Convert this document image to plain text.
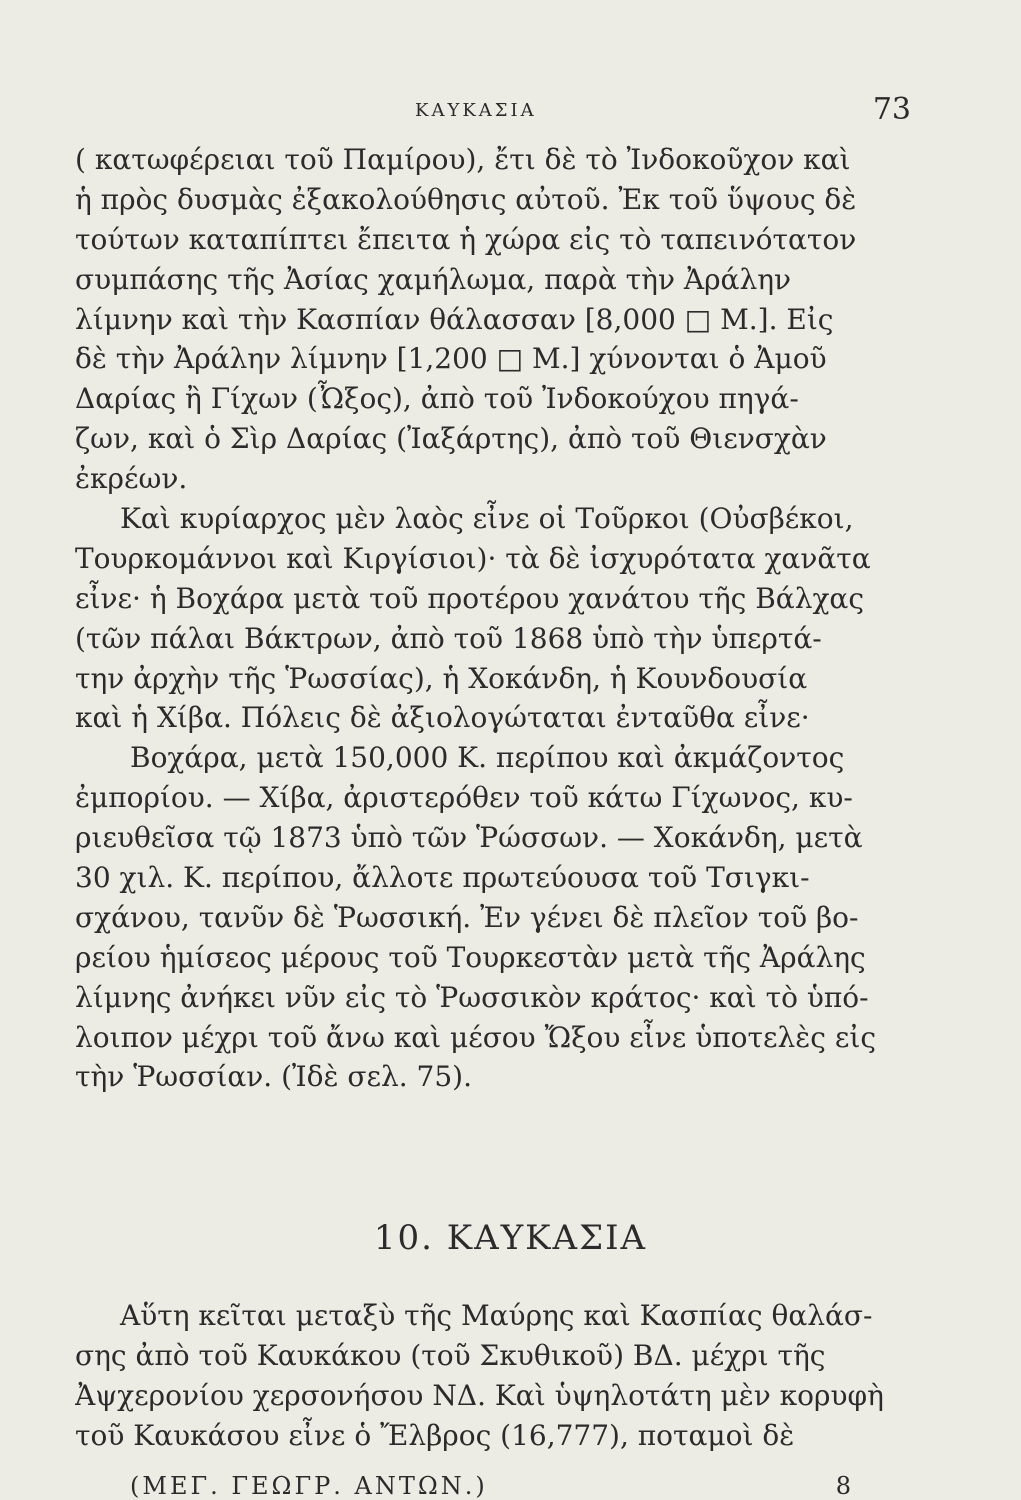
ΚΑΥΚΑΣΙΑ	73
( κατωφέρειαι τοῦ Παμίρου), ἔτι δὲ τὸ Ἰνδοκοῦχον καὶ
ἡ πρὸς δυσμὰς ἐξακολούθησις αὐτοῦ. Ἐκ τοῦ ὕψους δὲ
τούτων καταπίπτει ἔπειτα ἡ χώρα εἰς τὸ ταπεινότατον
συμπάσης τῆς Ἀσίας χαμήλωμα, παρὰ τὴν Ἀράλην
λίμνην καὶ τὴν Κασπίαν θάλασσαν [8,000 □ Μ.]. Εἰς
δὲ τὴν Ἀράλην λίμνην [1,200 □ Μ.] χύνονται ὁ Ἀμοῦ
Δαρίας ἢ Γίχων (Ὦξος), ἀπὸ τοῦ Ἰνδοκούχου πηγά-
ζων, καὶ ὁ Σὶρ Δαρίας (Ἰαξάρτης), ἀπὸ τοῦ Θιενσχὰν
ἐκρέων.
Καὶ κυρίαρχος μὲν λαὸς εἶνε οἱ Τοῦρκοι (Οὐσβέκοι,
Τουρκομάννοι καὶ Κιργίσιοι)· τὰ δὲ ἰσχυρότατα χανᾶτα
εἶνε· ἡ Βοχάρα μετὰ τοῦ προτέρου χανάτου τῆς Βάλχας
(τῶν πάλαι Βάκτρων, ἀπὸ τοῦ 1868 ὑπὸ τὴν ὑπερτά-
την ἀρχὴν τῆς Ῥωσσίας), ἡ Χοκάνδη, ἡ Κουνδουσία
καὶ ἡ Χίβα. Πόλεις δὲ ἀξιολογώταται ἐνταῦθα εἶνε·
Βοχάρα, μετὰ 150,000 Κ. περίπου καὶ ἀκμάζοντος
ἐμπορίου. — Χίβα, ἀριστερόθεν τοῦ κάτω Γίχωνος, κυ-
ριευθεῖσα τῷ 1873 ὑπὸ τῶν Ῥώσσων. — Χοκάνδη, μετὰ
30 χιλ. Κ. περίπου, ἄλλοτε πρωτεύουσα τοῦ Τσιγκι-
σχάνου, τανῦν δὲ Ῥωσσική. Ἐν γένει δὲ πλεῖον τοῦ βο-
ρείου ἡμίσεος μέρους τοῦ Τουρκεστὰν μετὰ τῆς Ἀράλης
λίμνης ἀνήκει νῦν εἰς τὸ Ῥωσσικὸν κράτος· καὶ τὸ ὑπό-
λοιπον μέχρι τοῦ ἄνω καὶ μέσου Ὤξου εἶνε ὑποτελὲς εἰς
τὴν Ῥωσσίαν. (Ἰδὲ σελ. 75).
10. ΚΑΥΚΑΣΙΑ
Αὕτη κεῖται μεταξὺ τῆς Μαύρης καὶ Κασπίας θαλάσ-
σης ἀπὸ τοῦ Καυκάκου (τοῦ Σκυθικοῦ) ΒΔ. μέχρι τῆς
Ἀψχερονίου χερσονήσου ΝΔ. Καὶ ὑψηλοτάτη μὲν κορυφὴ
τοῦ Καυκάσου εἶνε ὁ Ἔλβρος (16,777), ποταμοὶ δὲ
(ΜΕΓ. ΓΕΩΓΡ. ΑΝΤΩΝ.)	8
